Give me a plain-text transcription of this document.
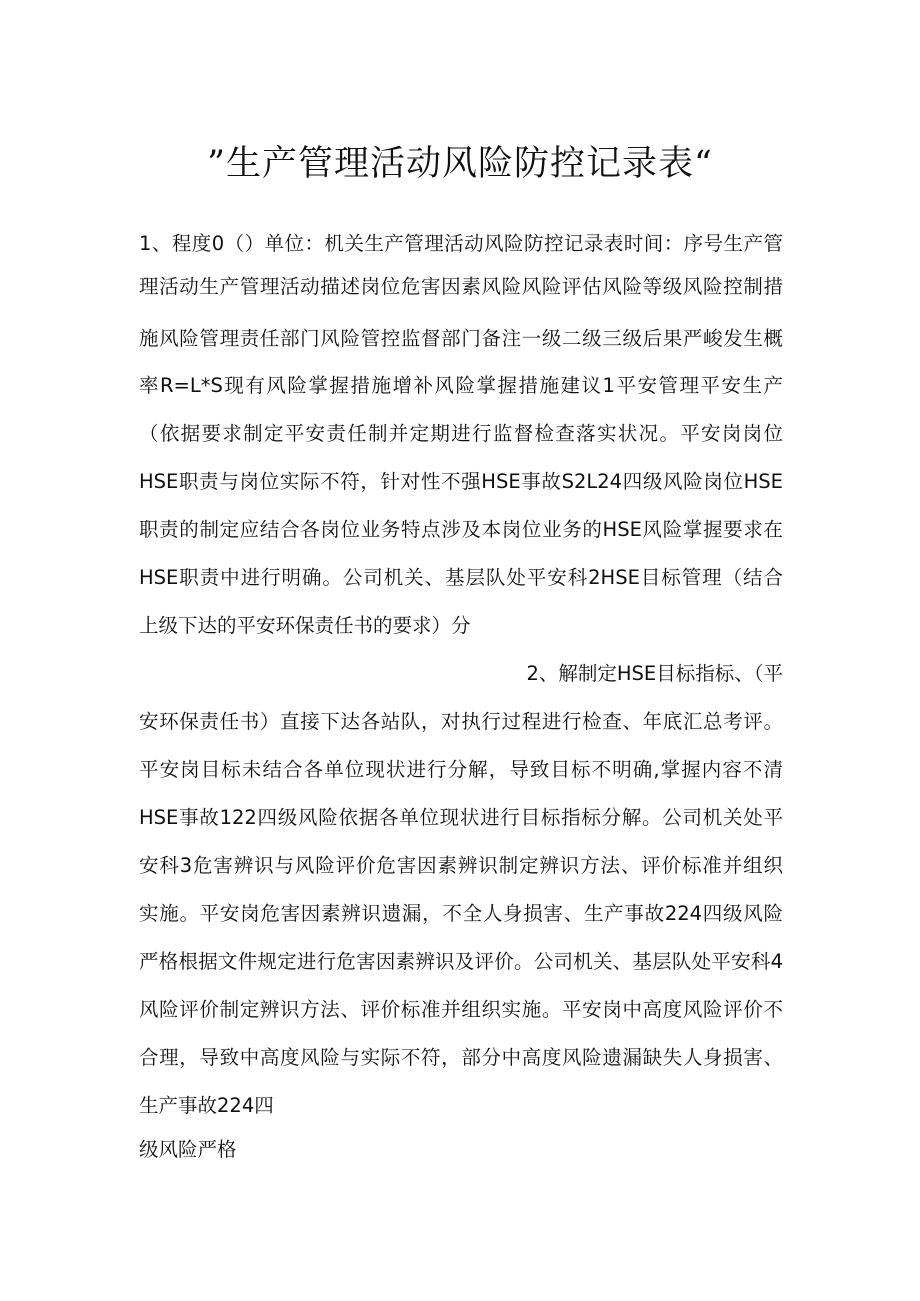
”生产管理活动风险防控记录表“
1、程度0（）单位：机关生产管理活动风险防控记录表时间：序号生产管
理活动生产管理活动描述岗位危害因素风险风险评估风险等级风险控制措
施风险管理责任部门风险管控监督部门备注一级二级三级后果严峻发生概
率R=L*S现有风险掌握措施增补风险掌握措施建议1平安管理平安生产
（依据要求制定平安责任制并定期进行监督检查落实状况。平安岗岗位
HSE职责与岗位实际不符，针对性不强HSE事故S2L24四级风险岗位HSE
职责的制定应结合各岗位业务特点涉及本岗位业务的HSE风险掌握要求在
HSE职责中进行明确。公司机关、基层队处平安科2HSE目标管理（结合
上级下达的平安环保责任书的要求）分
2、解制定HSE目标指标、（平
安环保责任书）直接下达各站队，对执行过程进行检查、年底汇总考评。
平安岗目标未结合各单位现状进行分解，导致目标不明确,掌握内容不清
HSE事故122四级风险依据各单位现状进行目标指标分解。公司机关处平
安科3危害辨识与风险评价危害因素辨识制定辨识方法、评价标准并组织
实施。平安岗危害因素辨识遗漏，不全人身损害、生产事故224四级风险
严格根据文件规定进行危害因素辨识及评价。公司机关、基层队处平安科4
风险评价制定辨识方法、评价标准并组织实施。平安岗中高度风险评价不
合理，导致中高度风险与实际不符，部分中高度风险遗漏缺失人身损害、
生产事故224四
级风险严格
